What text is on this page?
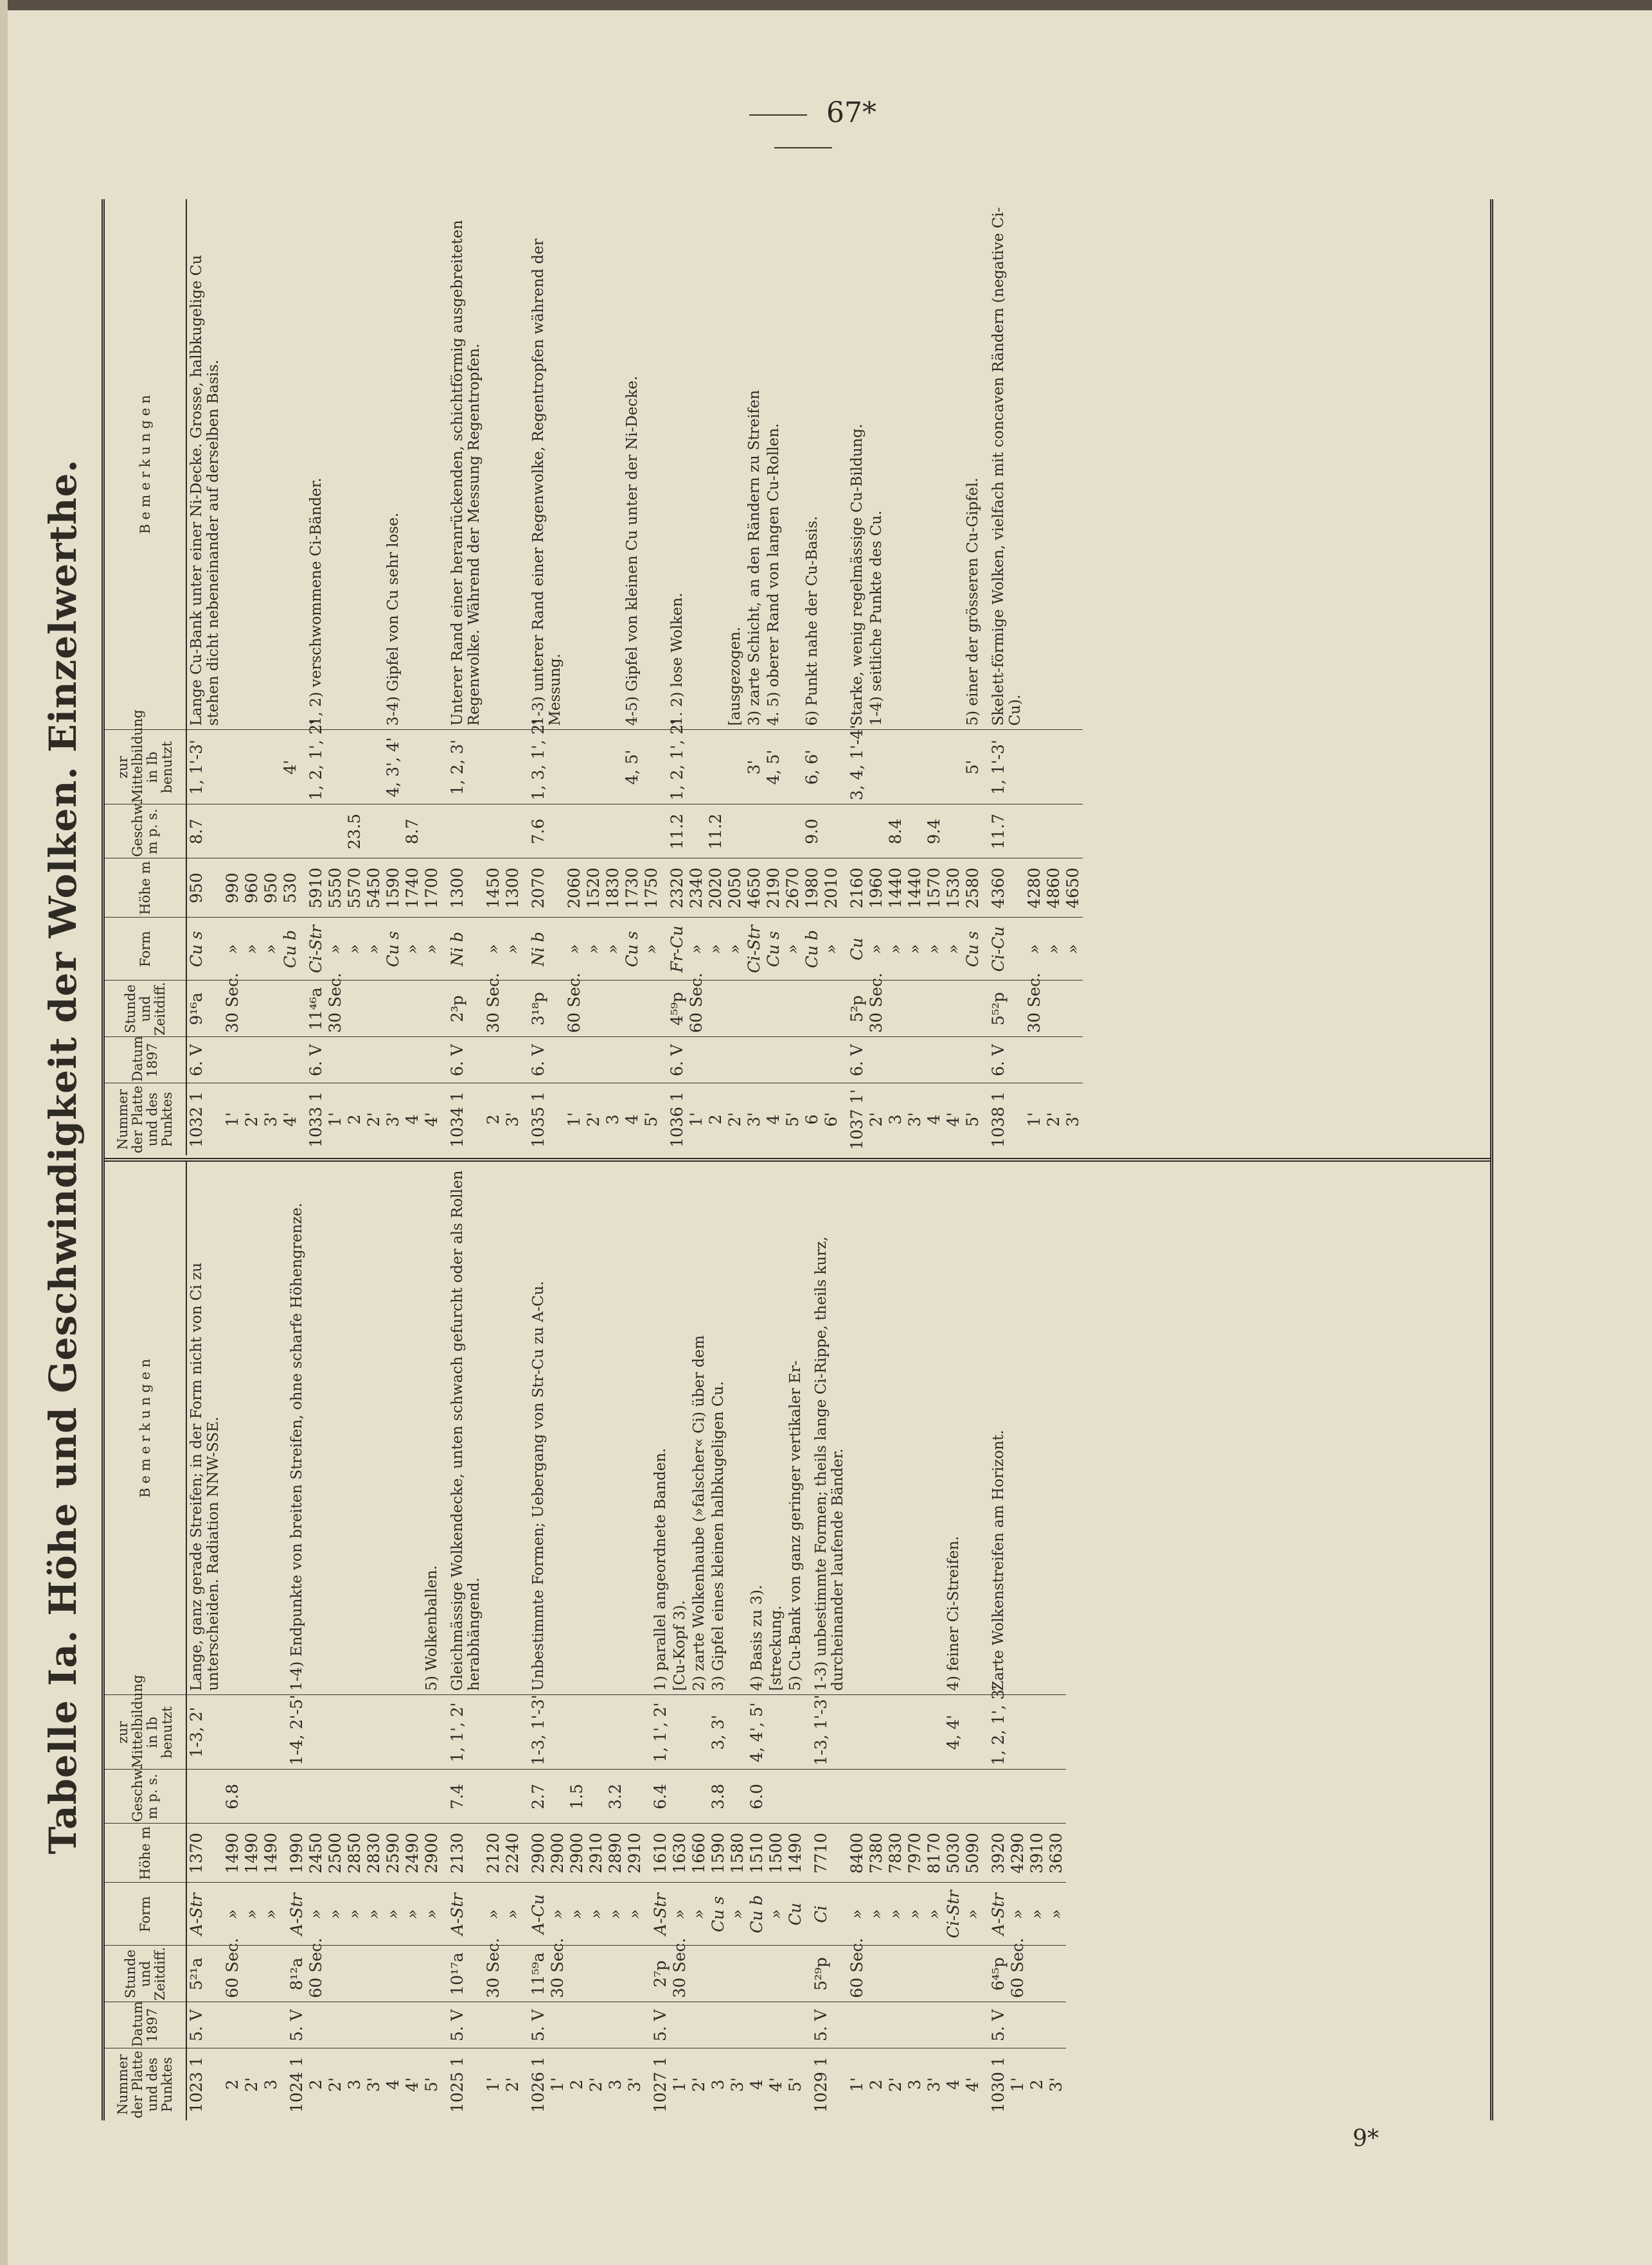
67*
9*
Tabelle Ia. Höhe und Geschwindigkeit der Wolken. Einzelwerthe.
Nummer der Platte und des Punktes	Datum 1897	Stunde und Zeitdiff.	Form	Höhe m	Geschw. m p. s.	zur Mittelbildung in Ib benutzt	B e m e r k u n g e n
1023 1	5. V	5²¹a	A-Str	1370		1-3, 2'	Lange, ganz gerade Streifen; in der Form nicht von Ci zu unterscheiden. Radiation NNW-SSE.
2		60 Sec.	»	1490	6.8		
2'			»	1490			
3			»	1490			
1024 1	5. V	8¹²a	A-Str	1990		1-4, 2'-5'	1-4) Endpunkte von breiten Streifen, ohne scharfe Höhengrenze.
2		60 Sec.	»	2450			
2'			»	2500			
3			»	2850			
3'			»	2830			
4			»	2590			
4'			»	2490			
5'			»	2900			5) Wolkenballen.
1025 1	5. V	10¹⁷a	A-Str	2130	7.4	1, 1', 2'	Gleichmässige Wolkendecke, unten schwach gefurcht oder als Rollen herabhängend.
1'		30 Sec.	»	2120			
2'			»	2240			
1026 1	5. V	11⁵⁹a	A-Cu	2900	2.7	1-3, 1'-3'	Unbestimmte Formen; Uebergang von Str-Cu zu A-Cu.
1'		30 Sec.	»	2900			
2			»	2900	1.5		
2'			»	2910			
3			»	2890	3.2		
3'			»	2910			
1027 1	5. V	2⁷p	A-Str	1610	6.4	1, 1', 2'	1) parallel angeordnete Banden.
1'		30 Sec.	»	1630			[Cu-Kopf 3).
2'			»	1660			2) zarte Wolkenhaube (»falscher« Ci) über dem
3			Cu s	1590	3.8	3, 3'	3) Gipfel eines kleinen halbkugeligen Cu.
3'			»	1580			
4			Cu b	1510	6.0	4, 4', 5'	4) Basis zu 3).
4'			»	1500			[streckung.
5'			Cu	1490			5) Cu-Bank von ganz geringer vertikaler Er-
1029 1	5. V	5²⁹p	Ci	7710		1-3, 1'-3'	1-3) unbestimmte Formen; theils lange Ci-Rippe, theils kurz, durcheinander laufende Bänder.
1'		60 Sec.	»	8400			
2			»	7380			
2'			»	7830			
3			»	7970			
3'			»	8170			
4			Ci-Str	5030		4, 4'	4) feiner Ci-Streifen.
4'			»	5090			
1030 1	5. V	6⁴⁵p	A-Str	3920		1, 2, 1', 3'	Zarte Wolkenstreifen am Horizont.
1'		60 Sec.	»	4290			
2			»	3910			
3'			»	3630			
Nummer der Platte und des Punktes	Datum 1897	Stunde und Zeitdiff.	Form	Höhe m	Geschw. m p. s.	zur Mittelbildung in Ib benutzt	B e m e r k u n g e n
1032 1	6. V	9¹⁶a	Cu s	950	8.7	1, 1'-3'	Lange Cu-Bank unter einer Ni-Decke. Grosse, halbkugelige Cu stehen dicht nebeneinander auf derselben Basis.
1'		30 Sec.	»	990			
2'			»	960			
3'			»	950			
4'			Cu b	530		4'	
1033 1	6. V	11⁴⁶a	Ci-Str	5910		1, 2, 1', 2'	1, 2) verschwommene Ci-Bänder.
1'		30 Sec.	»	5550			
2			»	5570	23.5		
2'			»	5450			
3'			Cu s	1590		4, 3', 4'	3-4) Gipfel von Cu sehr lose.
4			»	1740	8.7		
4'			»	1700			
1034 1	6. V	2³p	Ni b	1300		1, 2, 3'	Unterer Rand einer heranrückenden, schichtförmig ausgebreiteten Regenwolke. Während der Messung Regentropfen.
2		30 Sec.	»	1450			
3'			»	1300			
1035 1	6. V	3¹⁸p	Ni b	2070	7.6	1, 3, 1', 2'	1-3) unterer Rand einer Regenwolke, Regentropfen während der Messung.
1'		60 Sec.	»	2060			
2'			»	1520			
3			»	1830			
4			Cu s	1730		4, 5'	4-5) Gipfel von kleinen Cu unter der Ni-Decke.
5'			»	1750			
1036 1	6. V	4⁵⁹p	Fr-Cu	2320	11.2	1, 2, 1', 2'	1. 2) lose Wolken.
1'		60 Sec.	»	2340			
2			»	2020	11.2		
2'			»	2050			[ausgezogen.
3'			Ci-Str	4650		3'	3) zarte Schicht, an den Rändern zu Streifen
4			Cu s	2190		4, 5'	4. 5) oberer Rand von langen Cu-Rollen.
5'			»	2670			
6			Cu b	1980	9.0	6, 6'	6) Punkt nahe der Cu-Basis.
6'			»	2010			
1037 1'	6. V	5²p	Cu	2160		3, 4, 1'-4'	Starke, wenig regelmässige Cu-Bildung.
2'		30 Sec.	»	1960			1-4) seitliche Punkte des Cu.
3			»	1440	8.4		
3'			»	1440			
4			»	1570	9.4		
4'			»	1530			
5'			Cu s	2580		5'	5) einer der grösseren Cu-Gipfel.
1038 1	6. V	5⁵²p	Ci-Cu	4360	11.7	1, 1'-3'	Skelett-förmige Wolken, vielfach mit concaven Rändern (negative Ci-Cu).
1'		30 Sec.	»	4280			
2'			»	4860			
3'			»	4650			
